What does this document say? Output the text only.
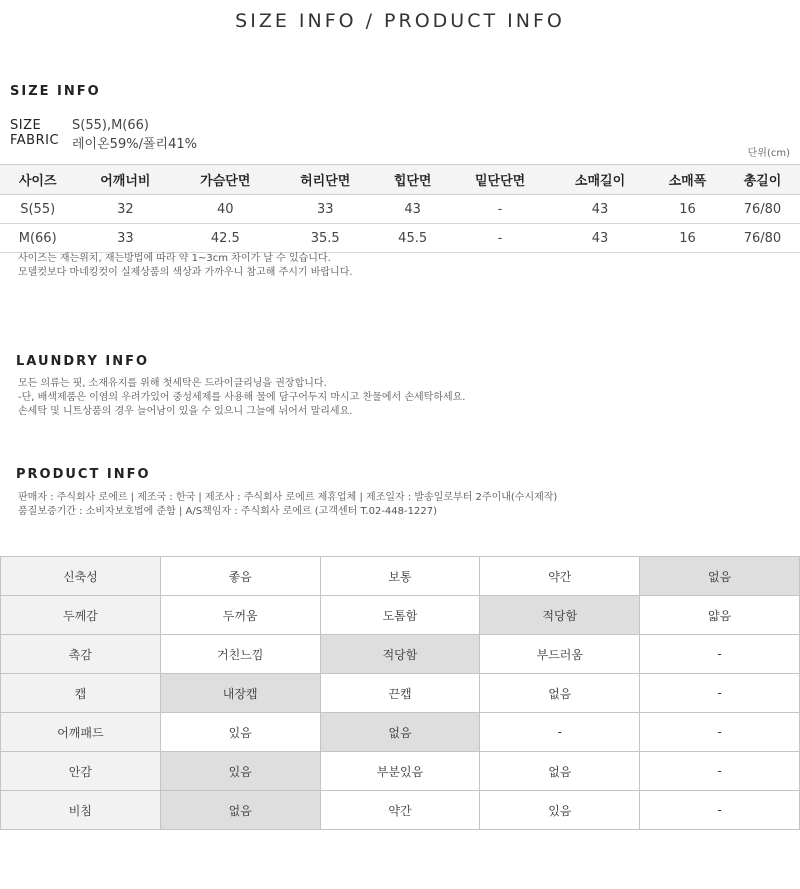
SIZE INFO / PRODUCT INFO
SIZE INFO
SIZE	S(55),M(66)
FABRIC 레이온59%/폴리41%
단위(cm)
사이즈	어깨너비	가슴단면	허리단면	힙단면	밑단단면	소매길이	소매폭	총길이
S(55)	32	40	33	43	-	43	16	76/80
M(66)	33	42.5	35.5	45.5	-	43	16	76/80
사이즈는 재는위치, 재는방법에 따라 약 1~3cm 차이가 날 수 있습니다.
모델컷보다 마네킹컷이 실제상품의 색상과 가까우니 참고해 주시기 바랍니다.
LAUNDRY INFO
모든 의류는 핏, 소재유지를 위해 첫세탁은 드라이클리닝을 권장합니다.
-단, 배색제품은 이염의 우려가있어 중성세제를 사용해 물에 담구어두지 마시고 찬물에서 손세탁하세요.
손세탁 및 니트상품의 경우 늘어남이 있을 수 있으니 그늘에 뉘어서 말리세요.
PRODUCT INFO
판매자 : 주식회사 로에르 | 제조국 : 한국 | 제조사 : 주식회사 로에르 제휴업체 | 제조일자 : 발송일로부터 2주이내(수시제작)
품질보증기간 : 소비자보호법에 준함 | A/S책임자 : 주식회사 로에르 (고객센터 T.02-448-1227)
신축성	좋음	보통	약간	없음
두께감	두꺼움	도톰함	적당함	얇음
촉감	거친느낌	적당함	부드러움	-
캡	내장캡	끈캡	없음	-
어깨패드	있음	없음	-	-
안감	있음	부분있음	없음	-
비침	없음	약간	있음	-
